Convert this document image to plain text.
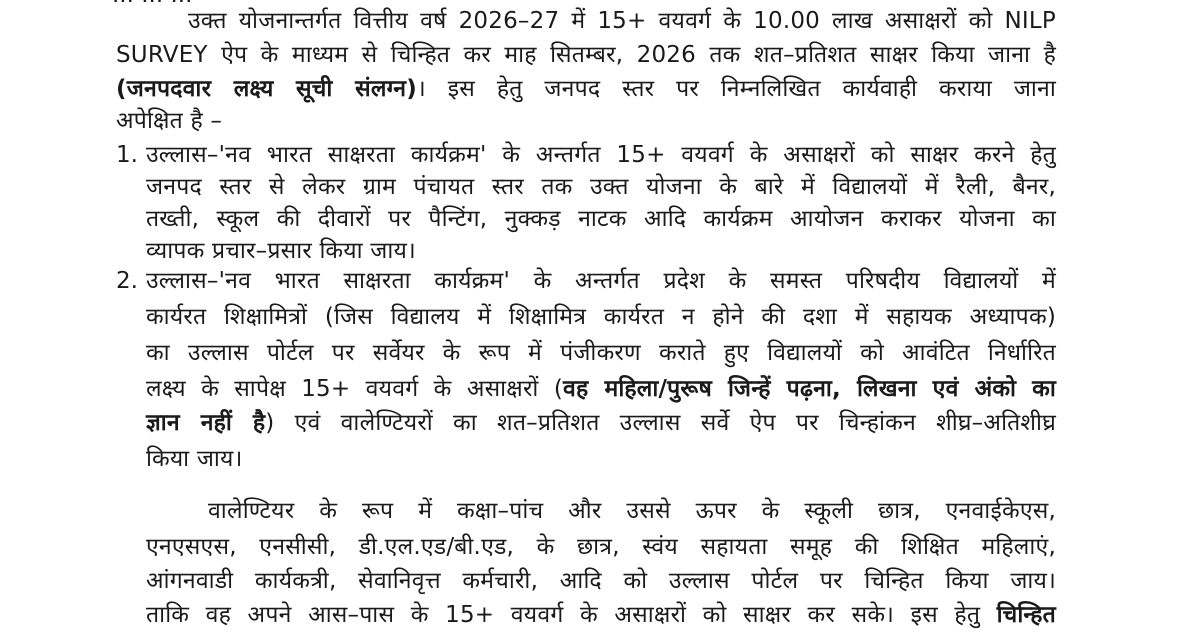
उक्त योजनान्तर्गत वित्तीय वर्ष 2026–27 में 15+ वयवर्ग के 10.00 लाख असाक्षरों को NILP
SURVEY ऐप के माध्यम से चिन्हित कर माह सितम्बर, 2026 तक शत–प्रतिशत साक्षर किया जाना है
(जनपदवार लक्ष्य सूची संलग्न)। इस हेतु जनपद स्तर पर निम्नलिखित कार्यवाही कराया जाना
अपेक्षित है –
1. उल्लास–'नव भारत साक्षरता कार्यक्रम' के अन्तर्गत 15+ वयवर्ग के असाक्षरों को साक्षर करने हेतु
जनपद स्तर से लेकर ग्राम पंचायत स्तर तक उक्त योजना के बारे में विद्यालयों में रैली, बैनर,
तख्ती, स्कूल की दीवारों पर पैन्टिंग, नुक्कड़ नाटक आदि कार्यक्रम आयोजन कराकर योजना का
व्यापक प्रचार–प्रसार किया जाय।
2. उल्लास–'नव भारत साक्षरता कार्यक्रम' के अन्तर्गत प्रदेश के समस्त परिषदीय विद्यालयों में
कार्यरत शिक्षामित्रों (जिस विद्यालय में शिक्षामित्र कार्यरत न होने की दशा में सहायक अध्यापक)
का उल्लास पोर्टल पर सर्वेयर के रूप में पंजीकरण कराते हुए विद्यालयों को आवंटित निर्धारित
लक्ष्य के सापेक्ष 15+ वयवर्ग के असाक्षरों (वह महिला/पुरूष जिन्हें पढ़ना, लिखना एवं अंको का
ज्ञान नहीं है) एवं वालेण्टियरों का शत–प्रतिशत उल्लास सर्वे ऐप पर चिन्हांकन शीघ्र–अतिशीघ्र
किया जाय।
वालेण्टियर के रूप में कक्षा–पांच और उससे ऊपर के स्कूली छात्र, एनवाईकेएस,
एनएसएस, एनसीसी, डी.एल.एड/बी.एड, के छात्र, स्वंय सहायता समूह की शिक्षित महिलाएं,
आंगनवाडी कार्यकत्री, सेवानिवृत्त कर्मचारी, आदि को उल्लास पोर्टल पर चिन्हित किया जाय।
ताकि वह अपने आस–पास के 15+ वयवर्ग के असाक्षरों को साक्षर कर सके। इस हेतु चिन्हित
